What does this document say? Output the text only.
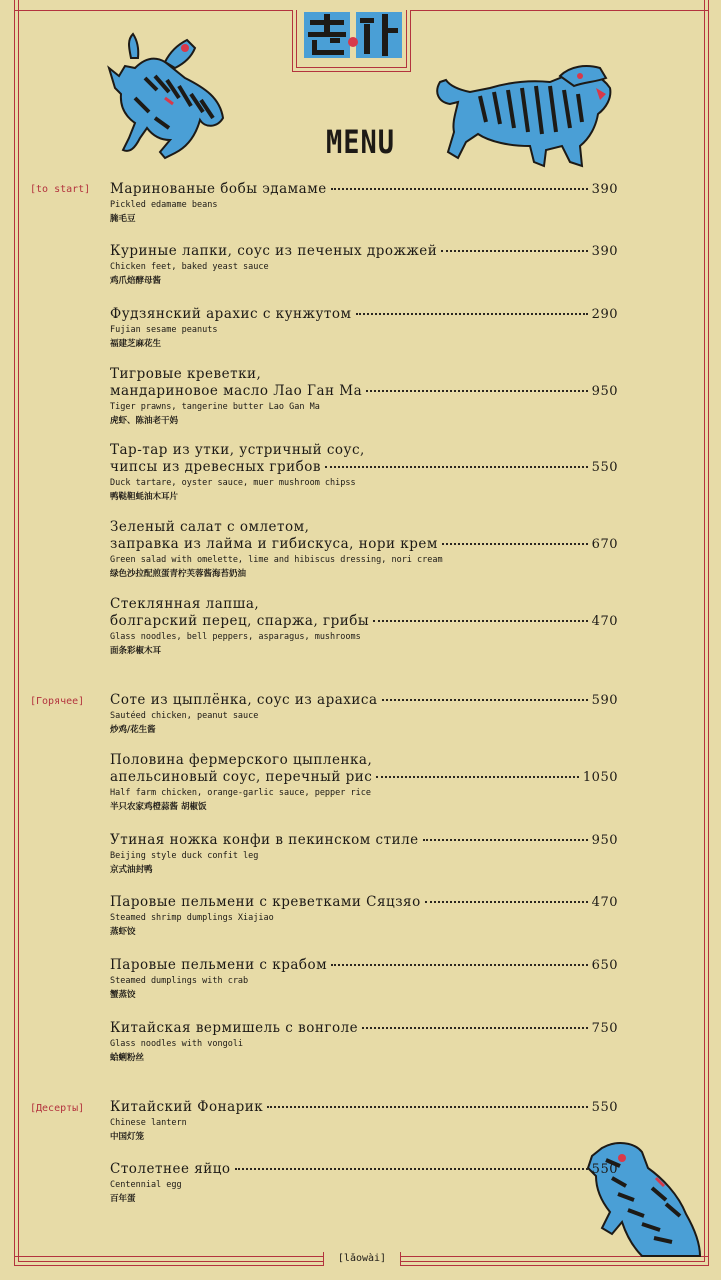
老外
MENU
[to start]
[Горячее]
[Десерты]
Маринованые бобы эдамаме	390
Pickled edamame beans
腌毛豆
Куриные лапки, соус из печеных дрожжей	390
Chicken feet, baked yeast sauce
鸡爪焙酵母酱
Фудзянский арахис с кунжутом	290
Fujian sesame peanuts
福建芝麻花生
Тигровые креветки,
мандариновое масло Лао Ган Ма	950
Tiger prawns, tangerine butter Lao Gan Ma
虎虾、陈油老干妈
Тар-тар из утки, устричный соус,
чипсы из древесных грибов	550
Duck tartare, oyster sauce, muer mushroom chipss
鸭鞑靼蚝油木耳片
Зеленый салат с омлетом,
заправка из лайма и гибискуса, нори крем	670
Green salad with omelette, lime and hibiscus dressing, nori cream
绿色沙拉配煎蛋青柠芙蓉酱海苔奶油
Стеклянная лапша,
болгарский перец, спаржа, грибы	470
Glass noodles, bell peppers, asparagus, mushrooms
面条彩椒木耳
Соте из цыплёнка, соус из арахиса	590
Sautéed chicken, peanut sauce
炒鸡/花生酱
Половина фермерского цыпленка,
апельсиновый соус, перечный рис	1050
Half farm chicken, orange-garlic sauce, pepper rice
半只农家鸡橙蒜酱 胡椒饭
Утиная ножка конфи в пекинском стиле	950
Beijing style duck confit leg
京式油封鸭
Паровые пельмени с креветками Сяцзяо	470
Steamed shrimp dumplings Xiajiao
蒸虾饺
Паровые пельмени с крабом	650
Steamed dumplings with crab
蟹蒸饺
Китайская вермишель с вонголе	750
Glass noodles with vongoli
蛤蜊粉丝
Китайский Фонарик	550
Chinese lantern
中国灯笼
Столетнее яйцо	550
Centennial egg
百年蛋
[lǎowài]
